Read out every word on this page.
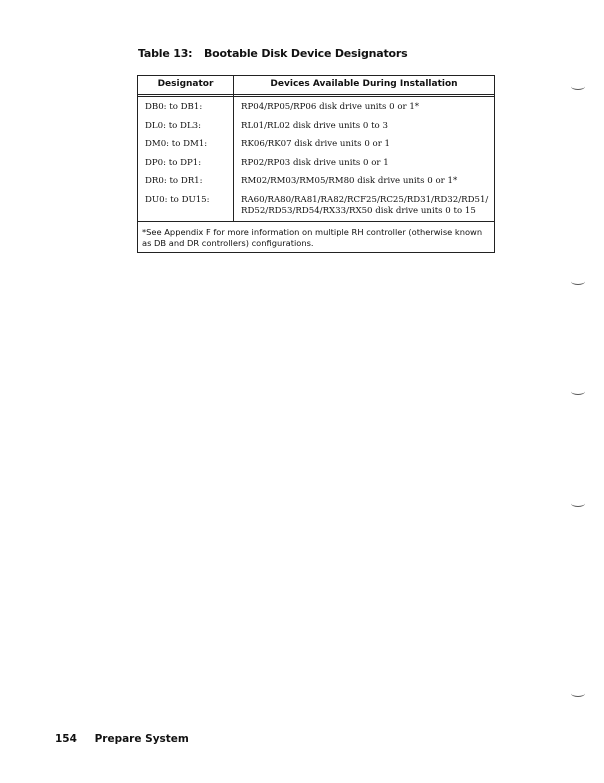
Table 13: Bootable Disk Device Designators
Designator	Devices Available During Installation
DB0: to DB1:	RP04/RP05/RP06 disk drive units 0 or 1*
DL0: to DL3:	RL01/RL02 disk drive units 0 to 3
DM0: to DM1:	RK06/RK07 disk drive units 0 or 1
DP0: to DP1:	RP02/RP03 disk drive units 0 or 1
DR0: to DR1:	RM02/RM03/RM05/RM80 disk drive units 0 or 1*
DU0: to DU15:	RA60/RA80/RA81/RA82/RCF25/RC25/RD31/RD32/RD51/ RD52/RD53/RD54/RX33/RX50 disk drive units 0 to 15
*See Appendix F for more information on multiple RH controller (otherwise known as DB and DR controllers) configurations.
154 Prepare System
